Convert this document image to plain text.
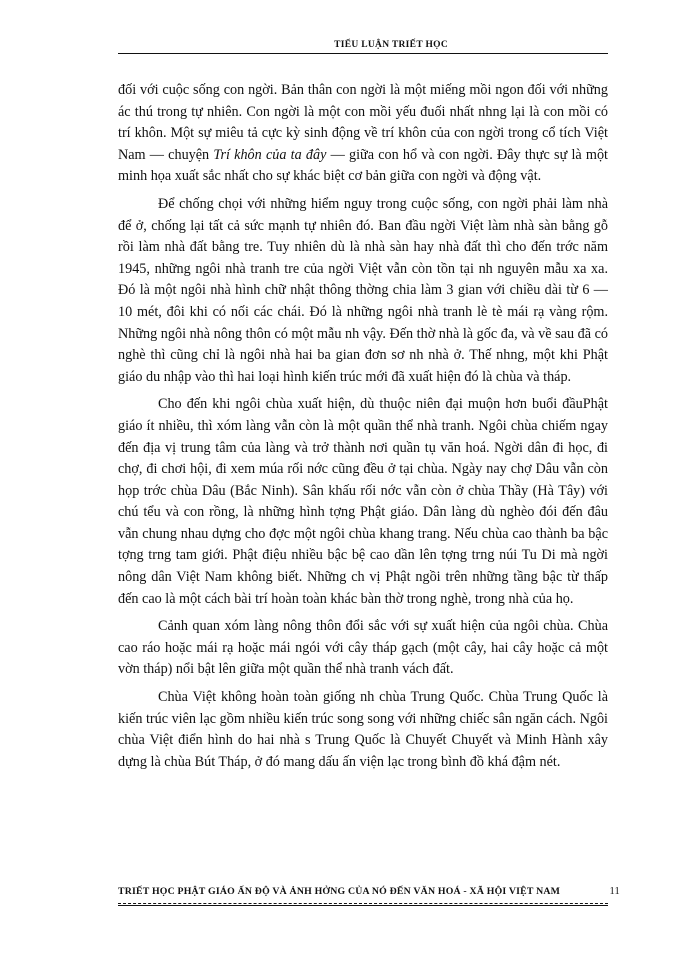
TIỂU LUẬN TRIẾT HỌC

đối với cuộc sống con ngời. Bản thân con ngời là một miếng mồi ngon đối với những ác thú trong tự nhiên. Con ngời là một con mồi yếu đuối nhất nhng lại là con mồi có trí khôn. Một sự miêu tả cực kỳ sinh động về trí khôn của con ngời trong cổ tích Việt Nam — chuyện Trí khôn của ta đây — giữa con hổ và con ngời. Đây thực sự là một minh họa xuất sắc nhất cho sự khác biệt cơ bản giữa con ngời và động vật.

Để chống chọi với những hiểm nguy trong cuộc sống, con ngời phải làm nhà để ở, chống lại tất cả sức mạnh tự nhiên đó. Ban đầu ngời Việt làm nhà sàn bằng gỗ rồi làm nhà đất bằng tre. Tuy nhiên dù là nhà sàn hay nhà đất thì cho đến trớc năm 1945, những ngôi nhà tranh tre của ngời Việt vẫn còn tồn tại nh nguyên mẫu xa xa. Đó là một ngôi nhà hình chữ nhật thông thờng chia làm 3 gian với chiều dài từ 6 — 10 mét, đôi khi có nối các chái. Đó là những ngôi nhà tranh lè tè mái rạ vàng rộm. Những ngôi nhà nông thôn có một mẫu nh vậy. Đến thờ nhà là gốc đa, và về sau đã có nghè thì cũng chỉ là ngôi nhà hai ba gian đơn sơ nh nhà ở. Thế nhng, một khi Phật giáo du nhập vào thì hai loại hình kiến trúc mới đã xuất hiện đó là chùa và tháp.

Cho đến khi ngôi chùa xuất hiện, dù thuộc niên đại muộn hơn buổi đầuPhật giáo ít nhiều, thì xóm làng vẫn còn là một quần thể nhà tranh. Ngôi chùa chiếm ngay đến địa vị trung tâm của làng và trở thành nơi quần tụ văn hoá. Ngời dân đi học, đi chợ, đi chơi hội, đi xem múa rối nớc cũng đều ở tại chùa. Ngày nay chợ Dâu vẫn còn họp trớc chùa Dâu (Bắc Ninh). Sân khấu rối nớc vẫn còn ở chùa Thầy (Hà Tây) với chú tểu và con rồng, là những hình tợng Phật giáo. Dân làng dù nghèo đói đến đâu vẫn chung nhau dựng cho đợc một ngôi chùa khang trang. Nếu chùa cao thành ba bậc tợng trng tam giới. Phật điệu nhiều bậc bệ cao dần lên tợng trng núi Tu Di mà ngời nông dân Việt Nam không biết. Những ch vị Phật ngồi trên những tầng bậc từ thấp đến cao là một cách bài trí hoàn toàn khác bàn thờ trong nghè, trong nhà của họ.

Cảnh quan xóm làng nông thôn đổi sắc với sự xuất hiện của ngôi chùa. Chùa cao ráo hoặc mái rạ hoặc mái ngói với cây tháp gạch (một cây, hai cây hoặc cả một vờn tháp) nổi bật lên giữa một quần thể nhà tranh vách đất.

Chùa Việt không hoàn toàn giống nh chùa Trung Quốc. Chùa Trung Quốc là kiến trúc viên lạc gồm nhiều kiến trúc song song với những chiếc sân ngăn cách. Ngôi chùa Việt điển hình do hai nhà s Trung Quốc là Chuyết Chuyết và Minh Hành xây dựng là chùa Bút Tháp, ở đó mang dấu ấn viện lạc trong bình đồ khá đậm nét.

TRIẾT HỌC PHẬT GIÁO ẤN ĐỘ VÀ ẢNH HỞNG CỦA NÓ ĐẾN VĂN HOÁ - XÃ HỘI VIỆT NAM	11
